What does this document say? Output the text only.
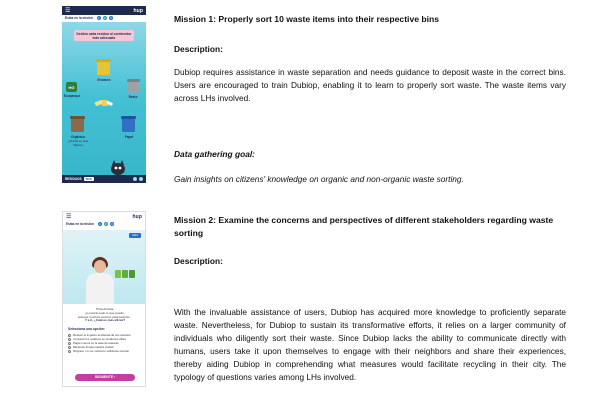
☰	hup
Estás en la misión	1	2	3
Desliza cada residuo al contenedor más adecuado
Envases
HG
Ecoparque	Resto
Orgánico
¿Pincha en este Mascot
Papel
RESIDUOS	5/10
Mission 1: Properly sort 10 waste items into their respective bins
Description:
Dubiop requires assistance in waste separation and needs guidance to deposit waste in the correct bins. Users are encouraged to train Dubiop, enabling it to learn to properly sort waste. The waste items vary across LHs involved.
Data gathering goal:
Gain insights on citizens' knowledge on organic and non-organic waste sorting.
☰	hup
Estás en la misión	1	2	3
2/04
Tinta Andrea,
yo reciclo todo lo que puedo,
aunque muchos vecinos para hacerlo...
Y a ti, ¿Cuál es más eficaz?
Selecciona una opción:
Reducir el impacto ambiental de los residuos
Convertir los residuos en productos útiles
Pagar menos en la tasa de basuras
Mantener limpia nuestra ciudad
Ninguna, no me motiva lo suficiente reciclar
SIGUIENTE ›
Mission 2: Examine the concerns and perspectives of different stakeholders regarding waste sorting
Description:
With the invaluable assistance of users, Dubiop has acquired more knowledge to proficiently separate waste. Nevertheless, for Dubiop to sustain its transformative efforts, it relies on a larger community of individuals who diligently sort their waste. Since Dubiop lacks the ability to communicate directly with humans, users take it upon themselves to engage with their neighbors and share their experiences, thereby aiding Dubiop in comprehending what measures would facilitate recycling in their city. The typology of questions varies among LHs involved.
